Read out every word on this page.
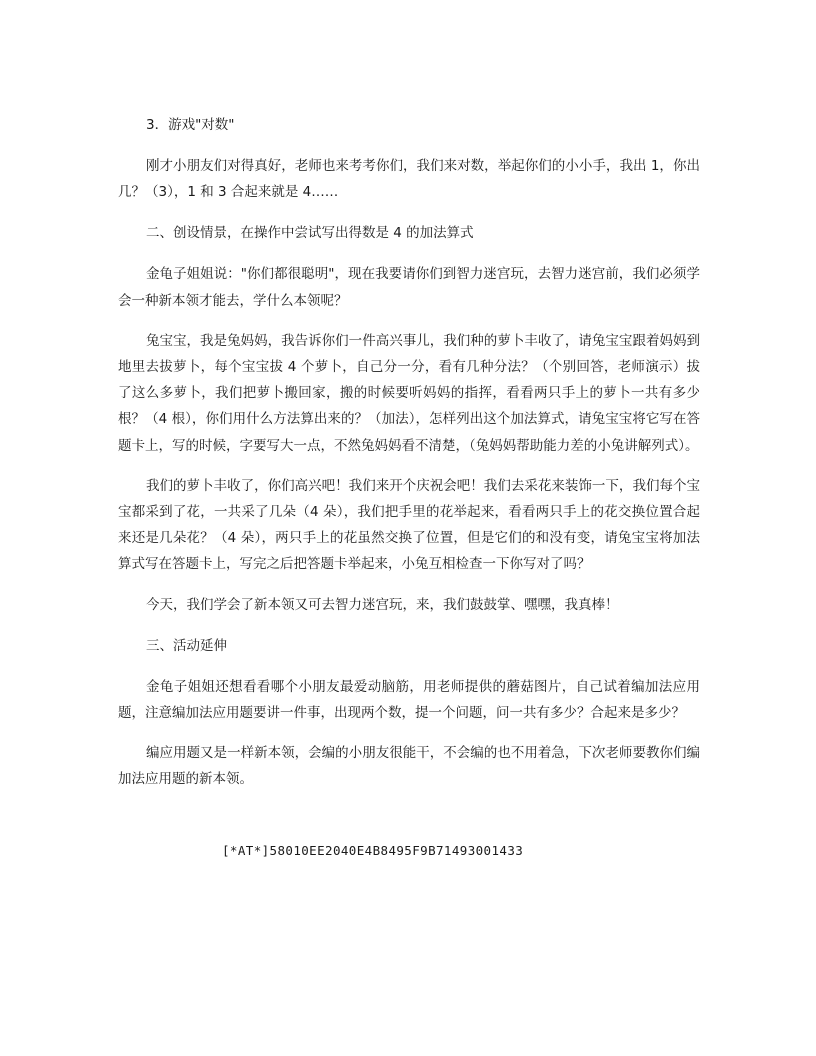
3．游戏"对数"

刚才小朋友们对得真好，老师也来考考你们，我们来对数，举起你们的小小手，我出 1，你出几？（3），1 和 3 合起来就是 4……

二、创设情景，在操作中尝试写出得数是 4 的加法算式

金龟子姐姐说："你们都很聪明"，现在我要请你们到智力迷宫玩，去智力迷宫前，我们必须学会一种新本领才能去，学什么本领呢？

兔宝宝，我是兔妈妈，我告诉你们一件高兴事儿，我们种的萝卜丰收了，请兔宝宝跟着妈妈到地里去拔萝卜，每个宝宝拔 4 个萝卜，自己分一分，看有几种分法？（个别回答，老师演示）拔了这么多萝卜，我们把萝卜搬回家，搬的时候要听妈妈的指挥，看看两只手上的萝卜一共有多少根？（4 根），你们用什么方法算出来的？（加法），怎样列出这个加法算式，请兔宝宝将它写在答题卡上，写的时候，字要写大一点，不然兔妈妈看不清楚，（兔妈妈帮助能力差的小兔讲解列式）。

我们的萝卜丰收了，你们高兴吧！我们来开个庆祝会吧！我们去采花来装饰一下，我们每个宝宝都采到了花，一共采了几朵（4 朵），我们把手里的花举起来，看看两只手上的花交换位置合起来还是几朵花？（4 朵），两只手上的花虽然交换了位置，但是它们的和没有变，请兔宝宝将加法算式写在答题卡上，写完之后把答题卡举起来，小兔互相检查一下你写对了吗？

今天，我们学会了新本领又可去智力迷宫玩，来，我们鼓鼓掌、嘿嘿，我真棒！

三、活动延伸

金龟子姐姐还想看看哪个小朋友最爱动脑筋，用老师提供的蘑菇图片，自己试着编加法应用题，注意编加法应用题要讲一件事，出现两个数，提一个问题，问一共有多少？合起来是多少？

编应用题又是一样新本领，会编的小朋友很能干，不会编的也不用着急，下次老师要教你们编加法应用题的新本领。

[*AT*]58010EE2040E4B8495F9B71493001433
